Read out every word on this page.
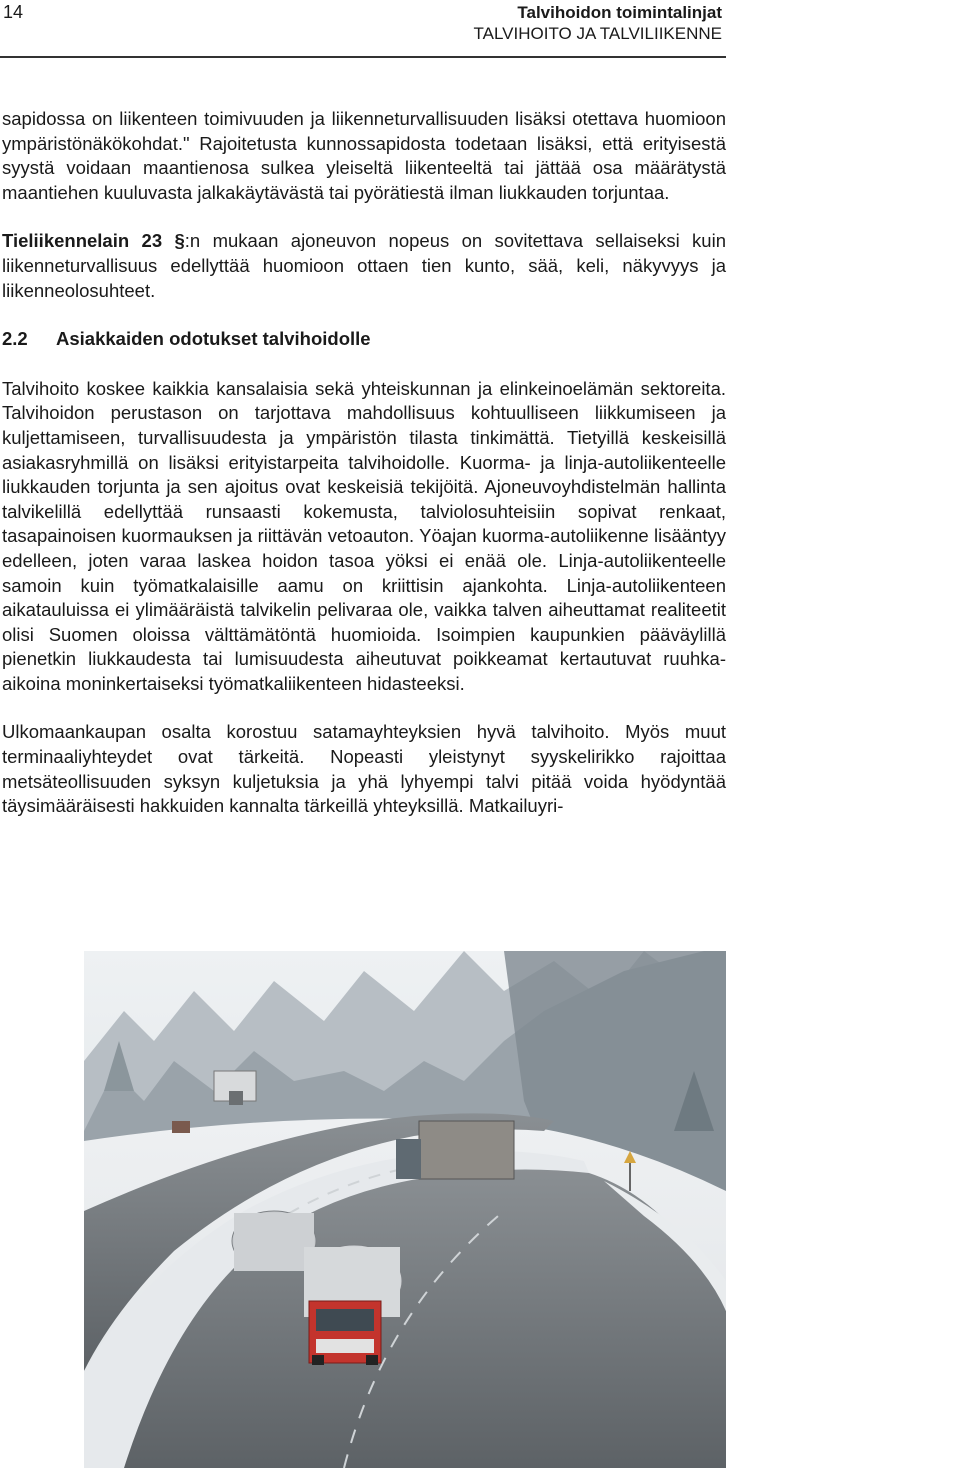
14	Talvihoidon toimintalinjat
TALVIHOITO JA TALVILIIKENNE

sapidossa on liikenteen toimivuuden ja liikenneturvallisuuden lisäksi otettava huomioon ympäristönäkökohdat." Rajoitetusta kunnossapidosta todetaan lisäksi, että erityisestä syystä voidaan maantienosa sulkea yleiseltä liikenteeltä tai jättää osa määrätystä maantiehen kuuluvasta jalkakäytävästä tai pyörätiestä ilman liukkauden torjuntaa.

Tieliikennelain 23 §:n mukaan ajoneuvon nopeus on sovitettava sellaiseksi kuin liikenneturvallisuus edellyttää huomioon ottaen tien kunto, sää, keli, näkyvyys ja liikenneolosuhteet.

2.2 Asiakkaiden odotukset talvihoidolle

Talvihoito koskee kaikkia kansalaisia sekä yhteiskunnan ja elinkeinoelämän sektoreita. Talvihoidon perustason on tarjottava mahdollisuus kohtuulliseen liikkumiseen ja kuljettamiseen, turvallisuudesta ja ympäristön tilasta tinkimättä. Tietyillä keskeisillä asiakasryhmillä on lisäksi erityistarpeita talvihoidolle. Kuorma- ja linja-autoliikenteelle liukkauden torjunta ja sen ajoitus ovat keskeisiä tekijöitä. Ajoneuvoyhdistelmän hallinta talvikelillä edellyttää runsaasti kokemusta, talviolosuhteisiin sopivat renkaat, tasapainoisen kuormauksen ja riittävän vetoauton. Yöajan kuorma-autoliikenne lisääntyy edelleen, joten varaa laskea hoidon tasoa yöksi ei enää ole. Linja-autoliikenteelle samoin kuin työmatkalaisille aamu on kriittisin ajankohta. Linja-autoliikenteen aikatauluissa ei ylimääräistä talvikelin pelivaraa ole, vaikka talven aiheuttamat realiteetit olisi Suomen oloissa välttämätöntä huomioida. Isoimpien kaupunkien pääväylillä pienetkin liukkaudesta tai lumisuudesta aiheutuvat poikkeamat kertautuvat ruuhka-aikoina moninkertaiseksi työmatkaliikenteen hidasteeksi.

Ulkomaankaupan osalta korostuu satamayhteyksien hyvä talvihoito. Myös muut terminaaliyhteydet ovat tärkeitä. Nopeasti yleistynyt syyskelirikko rajoittaa metsäteollisuuden syksyn kuljetuksia ja yhä lyhyempi talvi pitää voida hyödyntää täysimääräisesti hakkuiden kannalta tärkeillä yhteyksillä. Matkailuyri-
